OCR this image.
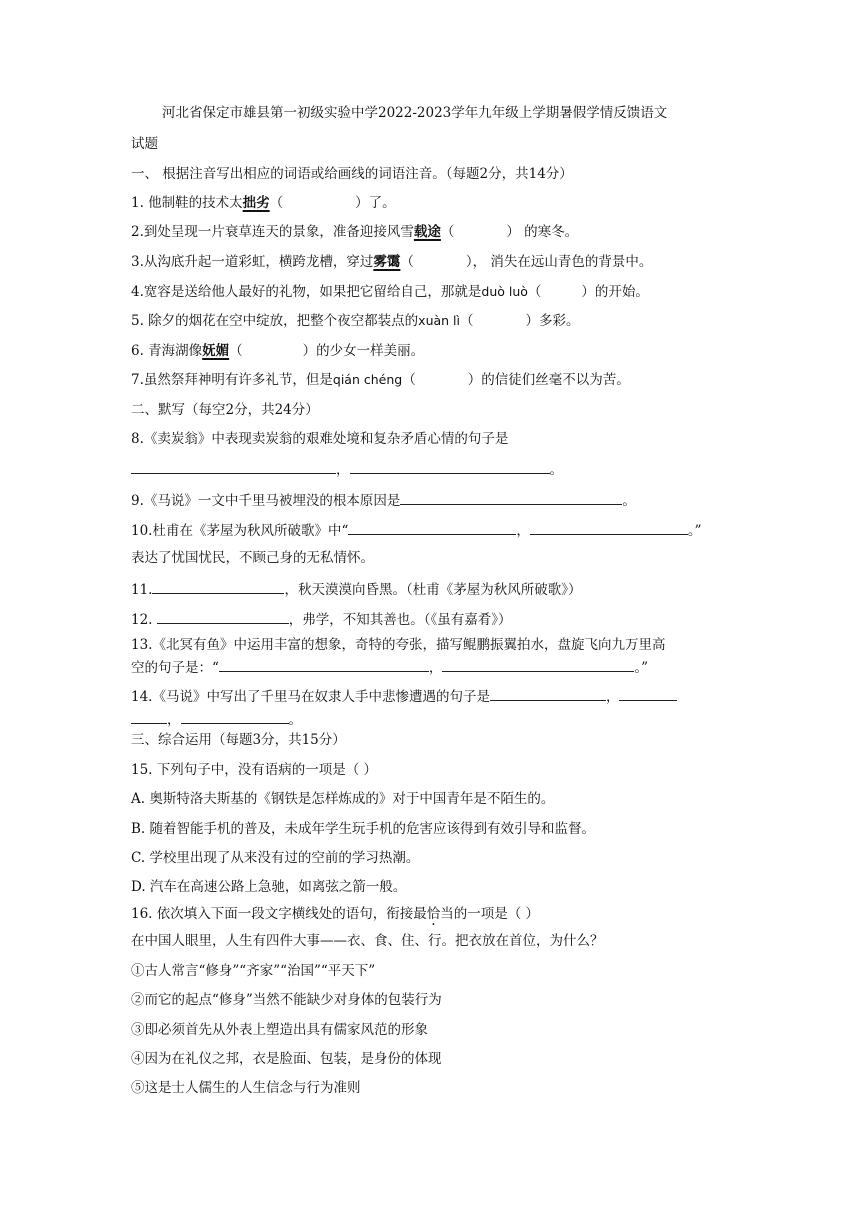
河北省保定市雄县第一初级实验中学2022-2023学年九年级上学期暑假学情反馈语文
试题
一、 根据注音写出相应的词语或给画线的词语注音。（每题2分，共14分）
1. 他制鞋的技术太拙劣（	）了。
2.到处呈现一片衰草连天的景象，准备迎接风雪载途（	） 的寒冬。
3.从沟底升起一道彩虹，横跨龙槽，穿过雾霭（	）， 消失在远山青色的背景中。
4.宽容是送给他人最好的礼物，如果把它留给自己，那就是duò luò（	）的开始。
5. 除夕的烟花在空中绽放，把整个夜空都装点的xuàn lì（	）多彩。
6. 青海湖像妩媚（	）的少女一样美丽。
7.虽然祭拜神明有许多礼节，但是qián chéng（	）的信徒们丝毫不以为苦。
二、默写（每空2分，共24分）
8.《卖炭翁》中表现卖炭翁的艰难处境和复杂矛盾心情的句子是
，	。
9.《马说》一文中千里马被埋没的根本原因是	。
10.杜甫在《茅屋为秋风所破歌》中“	，	。”
表达了忧国忧民，不顾己身的无私情怀。
11.	，秋天漠漠向昏黑。（杜甫《茅屋为秋风所破歌》）
12.	，弗学，不知其善也。（《虽有嘉肴》）
13.《北冥有鱼》中运用丰富的想象，奇特的夸张，描写鲲鹏振翼拍水，盘旋飞向九万里高
空的句子是：“	，	。”
14.《马说》中写出了千里马在奴隶人手中悲惨遭遇的句子是	，
，	。
三、综合运用（每题3分，共15分）
15. 下列句子中，没有语病的一项是（ ）
A. 奥斯特洛夫斯基的《钢铁是怎样炼成的》对于中国青年是不陌生的。
B. 随着智能手机的普及，未成年学生玩手机的危害应该得到有效引导和监督。
C. 学校里出现了从来没有过的空前的学习热潮。
D. 汽车在高速公路上急驰，如离弦之箭一般。
16. 依次填入下面一段文字横线处的语句，衔接最恰当的一项是（ ）
在中国人眼里，人生有四件大事——衣、食、住、行。把衣放在首位，为什么？
①古人常言“修身”“齐家”“治国”“平天下”
②而它的起点“修身”当然不能缺少对身体的包装行为
③即必须首先从外表上塑造出具有儒家风范的形象
④因为在礼仪之邦，衣是脸面、包装，是身份的体现
⑤这是士人儒生的人生信念与行为准则
